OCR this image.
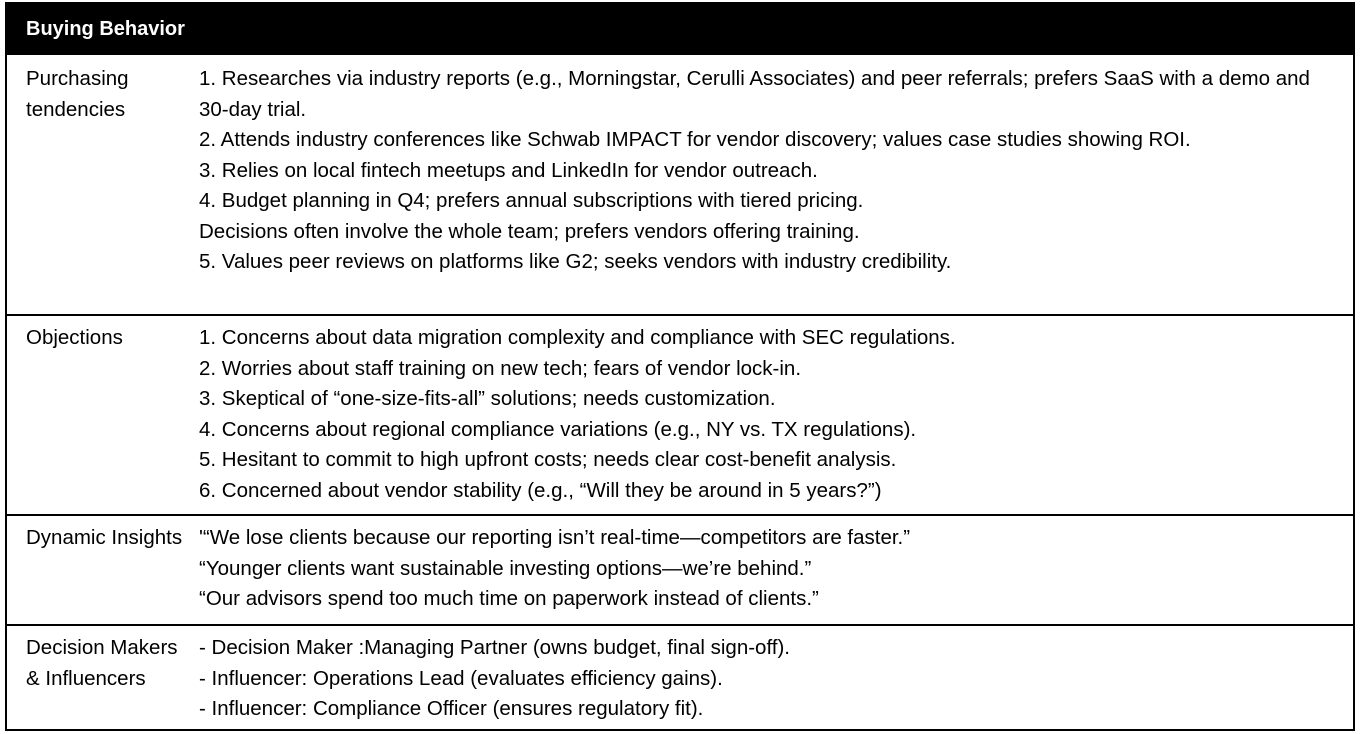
Buying Behavior
Purchasing tendencies
1. Researches via industry reports (e.g., Morningstar, Cerulli Associates) and peer referrals; prefers SaaS with a demo and 30-day trial.
2. Attends industry conferences like Schwab IMPACT for vendor discovery; values case studies showing ROI.
3. Relies on local fintech meetups and LinkedIn for vendor outreach.
4. Budget planning in Q4; prefers annual subscriptions with tiered pricing.
Decisions often involve the whole team; prefers vendors offering training.
5. Values peer reviews on platforms like G2; seeks vendors with industry credibility.
Objections	1. Concerns about data migration complexity and compliance with SEC regulations.
2. Worries about staff training on new tech; fears of vendor lock-in.
3. Skeptical of “one-size-fits-all” solutions; needs customization.
4. Concerns about regional compliance variations (e.g., NY vs. TX regulations).
5. Hesitant to commit to high upfront costs; needs clear cost-benefit analysis.
6. Concerned about vendor stability (e.g., “Will they be around in 5 years?”)
Dynamic Insights '“We lose clients because our reporting isn’t real-time—competitors are faster.”
“Younger clients want sustainable investing options—we’re behind.”
“Our advisors spend too much time on paperwork instead of clients.”
Decision Makers & Influencers
- Decision Maker :Managing Partner (owns budget, final sign-off).
- Influencer: Operations Lead (evaluates efficiency gains).
- Influencer: Compliance Officer (ensures regulatory fit).
